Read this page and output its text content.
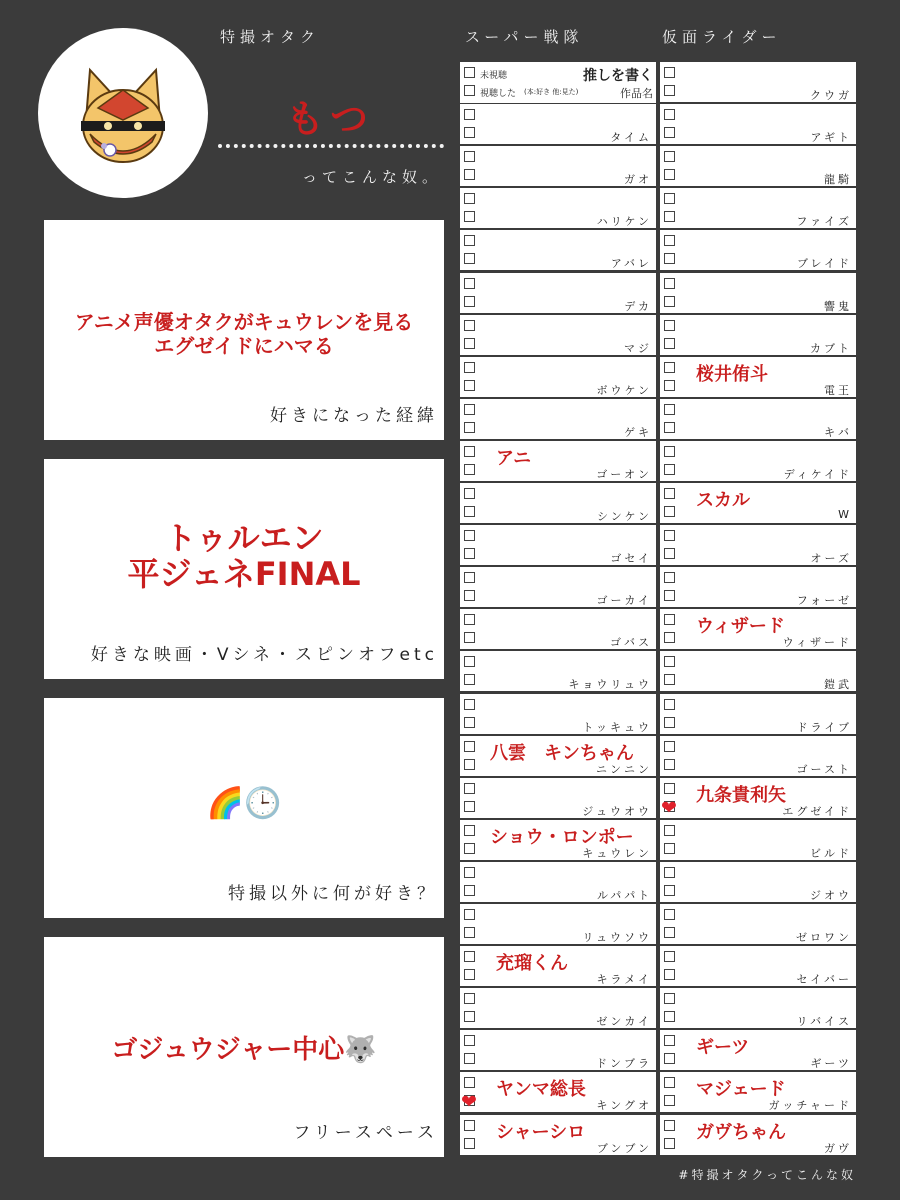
特撮オタク	スーパー戦隊	仮面ライダー
もつ
ってこんな奴。
アニメ声優オタクがキュウレンを見る
エグゼイドにハマる
好きになった経緯
トゥルエン
平ジェネFINAL
好きな映画・Vシネ・スピンオフetc
🌈🕒
特撮以外に何が好き？
ゴジュウジャー中心🐺
フリースペース
未視聴
視聴した (本:好き 他:見た)
推しを書く
作品名
タイム
ガオ
ハリケン
アバレ
デカ
マジ
ボウケン
ゲキ
ゴーオン
アニ
シンケン
ゴセイ
ゴーカイ
ゴバス
キョウリュウ
トッキュウ
ニンニン
八雲　キンちゃん
ジュウオウ
キュウレン
ショウ・ロンポー
ルパパト
リュウソウ
キラメイ
充瑠くん
ゼンカイ
ドンブラ
キングオ
ヤンマ総長
❤
ブンブン
シャーシロ
クウガ
アギト
龍騎
ファイズ
ブレイド
響鬼
カブト
電王
桜井侑斗
キバ
ディケイド
W
スカル
オーズ
フォーゼ
ウィザード
ウィザード
鎧武
ドライブ
ゴースト
エグゼイド
九条貴利矢
❤
ビルド
ジオウ
ゼロワン
セイバー
リバイス
ギーツ
ギーツ
ガッチャード
マジェード
ガヴ
ガヴちゃん
#特撮オタクってこんな奴
